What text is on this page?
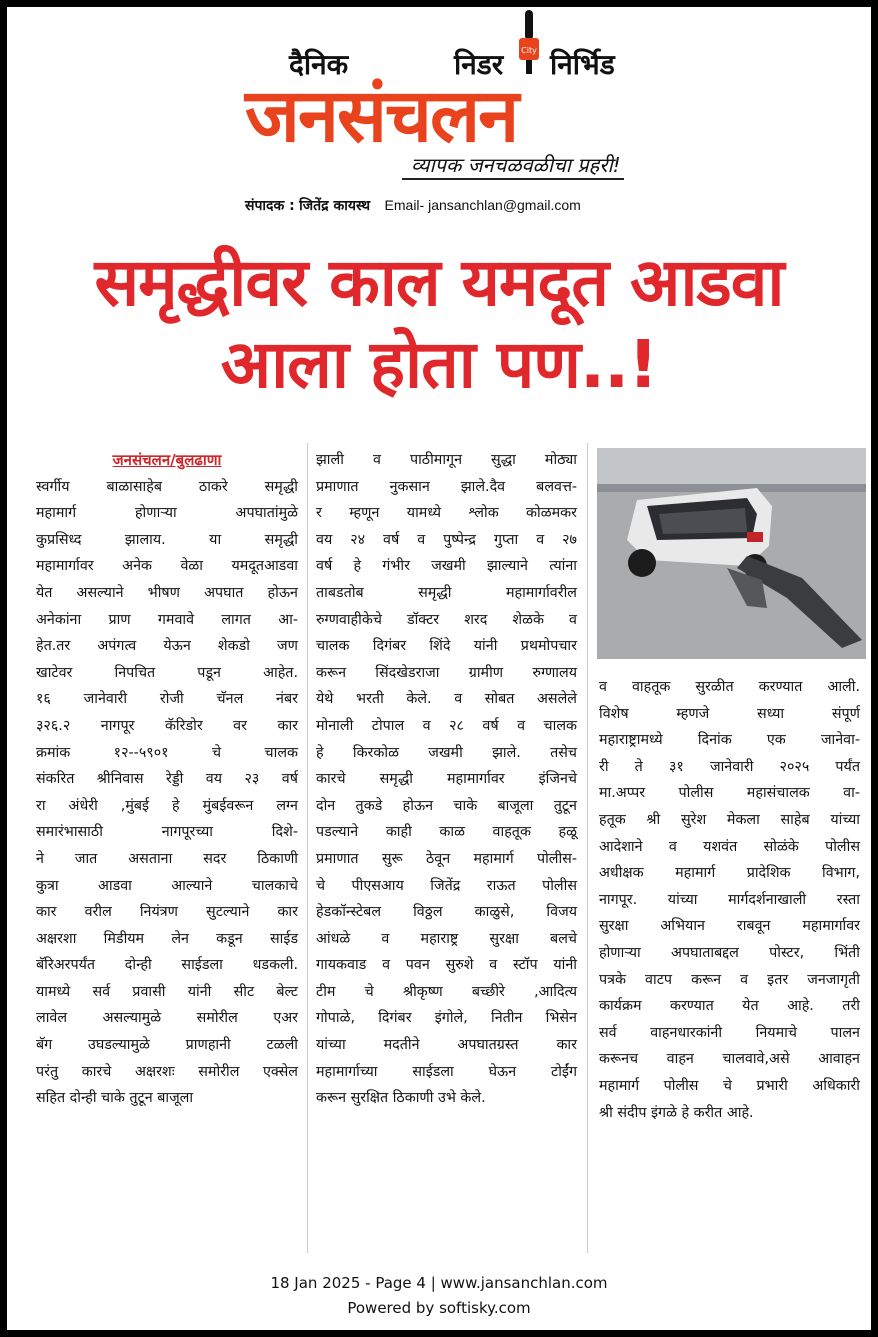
दैनिक	निडर निर्भिड
City
जनसंचलन
व्यापक जनचळवळीचा प्रहरी!
संपादक : जितेंद्र कायस्थ Email- jansanchlan@gmail.com
समृद्धीवर काल यमदूत आडवा
आला होता पण..!
जनसंचलन/बुलढाणा
स्वर्गीय बाळासाहेब ठाकरे समृद्धी
महामार्ग होणाऱ्या अपघातांमुळे
कुप्रसिध्द झालाय. या समृद्धी
महामार्गावर अनेक वेळा यमदूतआडवा
येत असल्याने भीषण अपघात होऊन
अनेकांना प्राण गमवावे लागत आ-
हेत.तर अपंगत्व येऊन शेकडो जण
खाटेवर निपचित पडून आहेत.
१६ जानेवारी रोजी चॅनल नंबर
३२६.२ नागपूर कॅरिडोर वर कार
क्रमांक १२--५९०१ चे चालक
संकरित श्रीनिवास रेड्डी वय २३ वर्ष
रा अंधेरी ,मुंबई हे मुंबईवरून लग्न
समारंभासाठी नागपूरच्या दिशे-
ने जात असताना सदर ठिकाणी
कुत्रा आडवा आल्याने चालकाचे
कार वरील नियंत्रण सुटल्याने कार
अक्षरशा मिडीयम लेन कडून साईड
बॅरिअरपर्यंत दोन्ही साईडला धडकली.
यामध्ये सर्व प्रवासी यांनी सीट बेल्ट
लावेल असल्यामुळे समोरील एअर
बॅग उघडल्यामुळे प्राणहानी टळली
परंतु कारचे अक्षरशः समोरील एक्सेल
सहित दोन्ही चाके तुटून बाजूला
झाली व पाठीमागून सुद्धा मोठ्या
प्रमाणात नुकसान झाले.दैव बलवत्त-
र म्हणून यामध्ये श्लोक कोळमकर
वय २४ वर्ष व पुष्पेन्द्र गुप्ता व २७
वर्ष हे गंभीर जखमी झाल्याने त्यांना
ताबडतोब समृद्धी महामार्गावरील
रुग्णवाहीकेचे डॉक्टर शरद शेळके व
चालक दिगंबर शिंदे यांनी प्रथमोपचार
करून सिंदखेडराजा ग्रामीण रुग्णालय
येथे भरती केले. व सोबत असलेले
मोनाली टोपाल व २८ वर्ष व चालक
हे किरकोळ जखमी झाले. तसेच
कारचे समृद्धी महामार्गावर इंजिनचे
दोन तुकडे होऊन चाके बाजूला तुटून
पडल्याने काही काळ वाहतूक हळू
प्रमाणात सुरू ठेवून महामार्ग पोलीस-
चे पीएसआय जितेंद्र राऊत पोलीस
हेडकॉन्स्टेबल विठ्ठल काळुसे, विजय
आंधळे व महाराष्ट्र सुरक्षा बलचे
गायकवाड व पवन सुरुशे व स्टॉप यांनी
टीम चे श्रीकृष्ण बच्छीरे ,आदित्य
गोपाळे, दिगंबर इंगोले, नितीन भिसेन
यांच्या मदतीने अपघातग्रस्त कार
महामार्गाच्या साईडला घेऊन टोईंग
करून सुरक्षित ठिकाणी उभे केले.
व वाहतूक सुरळीत करण्यात आली.
विशेष म्हणजे सध्या संपूर्ण
महाराष्ट्रामध्ये दिनांक एक जानेवा-
री ते ३१ जानेवारी २०२५ पर्यंत
मा.अप्पर पोलीस महासंचालक वा-
हतूक श्री सुरेश मेकला साहेब यांच्या
आदेशाने व यशवंत सोळंके पोलीस
अधीक्षक महामार्ग प्रादेशिक विभाग,
नागपूर. यांच्या मार्गदर्शनाखाली रस्ता
सुरक्षा अभियान राबवून महामार्गावर
होणाऱ्या अपघाताबद्दल पोस्टर, भिंती
पत्रके वाटप करून व इतर जनजागृती
कार्यक्रम करण्यात येत आहे. तरी
सर्व वाहनधारकांनी नियमाचे पालन
करूनच वाहन चालवावे,असे आवाहन
महामार्ग पोलीस चे प्रभारी अधिकारी
श्री संदीप इंगळे हे करीत आहे.
18 Jan 2025 - Page 4 | www.jansanchlan.com
Powered by softisky.com
